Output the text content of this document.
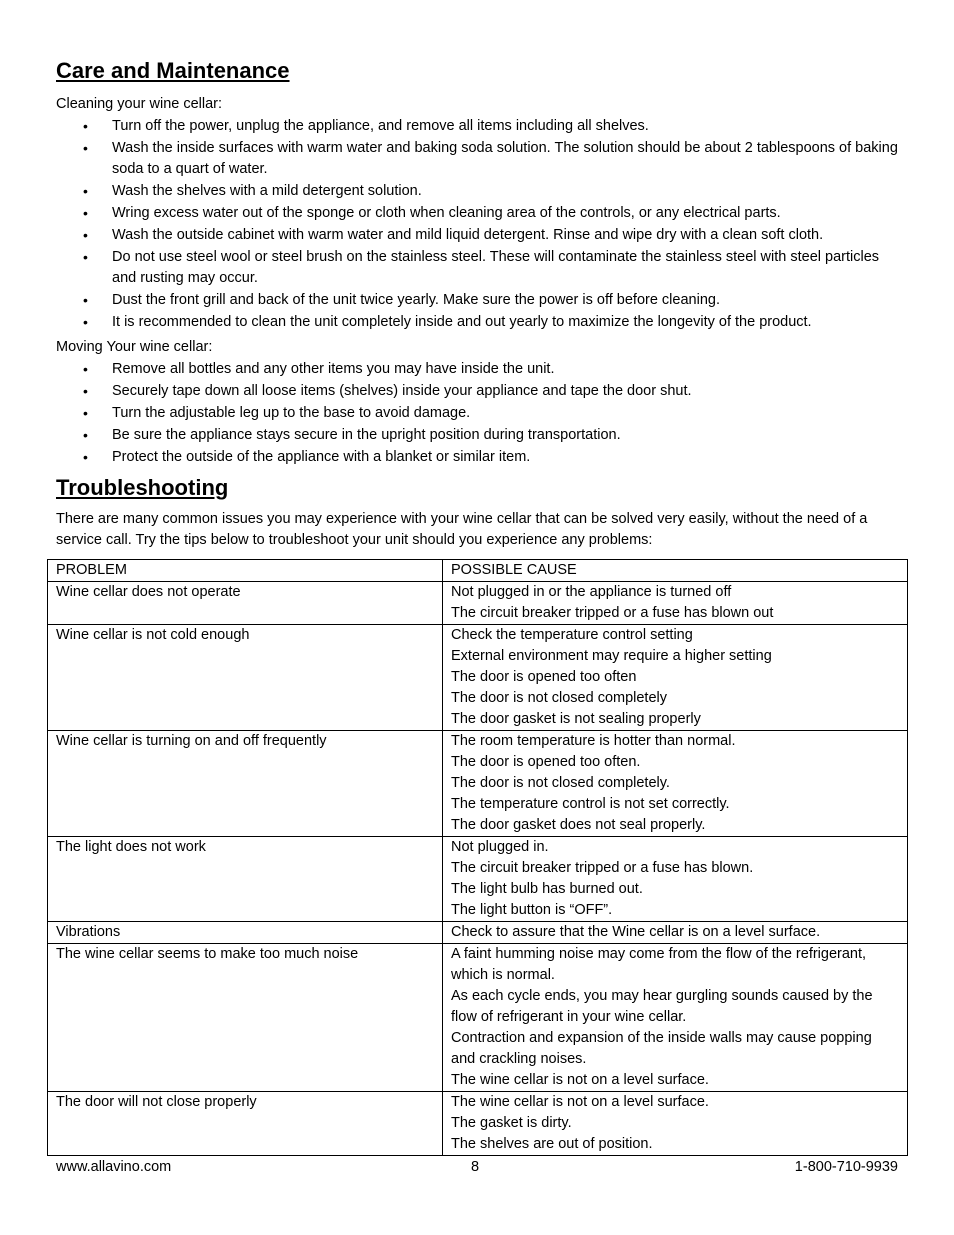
Care and Maintenance

Cleaning your wine cellar:

• Turn off the power, unplug the appliance, and remove all items including all shelves.
• Wash the inside surfaces with warm water and baking soda solution. The solution should be about 2 tablespoons of baking soda to a quart of water.
• Wash the shelves with a mild detergent solution.
• Wring excess water out of the sponge or cloth when cleaning area of the controls, or any electrical parts.
• Wash the outside cabinet with warm water and mild liquid detergent. Rinse and wipe dry with a clean soft cloth.
• Do not use steel wool or steel brush on the stainless steel. These will contaminate the stainless steel with steel particles and rusting may occur.
• Dust the front grill and back of the unit twice yearly. Make sure the power is off before cleaning.
• It is recommended to clean the unit completely inside and out yearly to maximize the longevity of the product.

Moving Your wine cellar:

• Remove all bottles and any other items you may have inside the unit.
• Securely tape down all loose items (shelves) inside your appliance and tape the door shut.
• Turn the adjustable leg up to the base to avoid damage.
• Be sure the appliance stays secure in the upright position during transportation.
• Protect the outside of the appliance with a blanket or similar item.
Troubleshooting

There are many common issues you may experience with your wine cellar that can be solved very easily, without the need of a service call. Try the tips below to troubleshoot your unit should you experience any problems:

PROBLEM	POSSIBLE CAUSE
Wine cellar does not operate	Not plugged in or the appliance is turned off
The circuit breaker tripped or a fuse has blown out

Wine cellar is not cold enough	Check the temperature control setting
External environment may require a higher setting
The door is opened too often
The door is not closed completely
The door gasket is not sealing properly

Wine cellar is turning on and off frequently	The room temperature is hotter than normal.
The door is opened too often.
The door is not closed completely.
The temperature control is not set correctly.
The door gasket does not seal properly.

The light does not work	Not plugged in.
The circuit breaker tripped or a fuse has blown.
The light bulb has burned out.
The light button is “OFF”.

Vibrations	Check to assure that the Wine cellar is on a level surface.

The wine cellar seems to make too much noise	A faint humming noise may come from the flow of the refrigerant, which is normal.
As each cycle ends, you may hear gurgling sounds caused by the flow of refrigerant in your wine cellar.
Contraction and expansion of the inside walls may cause popping and crackling noises.
The wine cellar is not on a level surface.

The door will not close properly	The wine cellar is not on a level surface.
The gasket is dirty.
The shelves are out of position.
www.allavino.com	8	1-800-710-9939
